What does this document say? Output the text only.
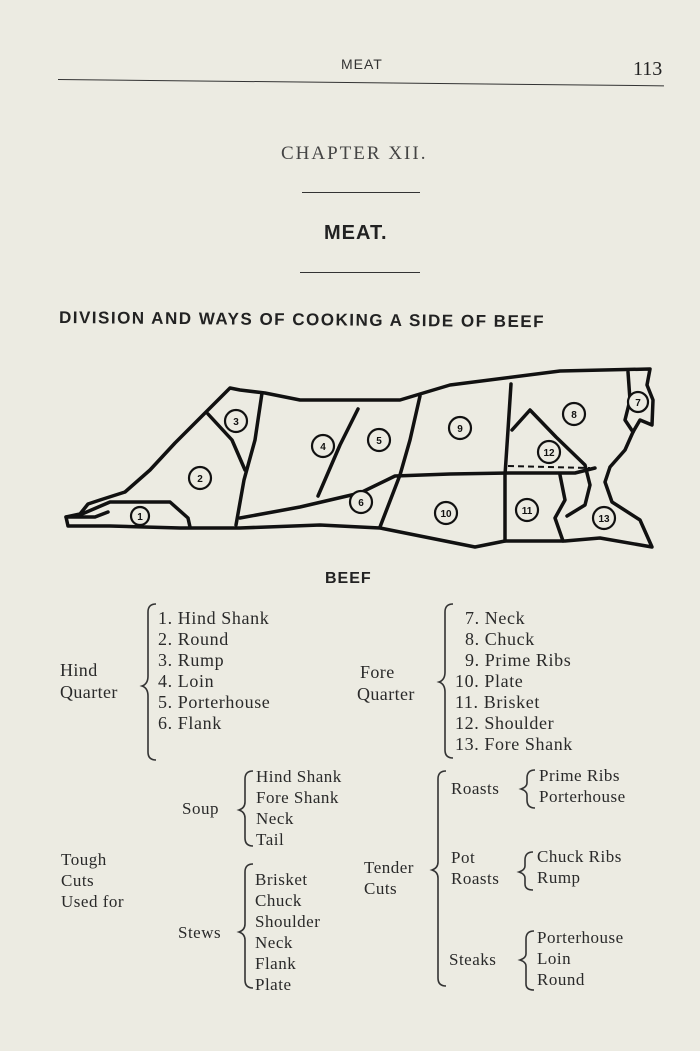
MEAT	113
CHAPTER XII.
MEAT.
DIVISION AND WAYS OF COOKING A SIDE OF BEEF
1
2
3
4
5
6
7
8
9
10	11
12
13
BEEF
Hind
Quarter
1. Hind Shank
2. Round
3. Rump
4. Loin
5. Porterhouse
6. Flank
Fore
Quarter
7. Neck
8. Chuck
9. Prime Ribs
10. Plate
11. Brisket
12. Shoulder
13. Fore Shank
Tough
Cuts
Used for
Soup
Hind Shank
Fore Shank
Neck
Tail
Stews
Brisket
Chuck
Shoulder
Neck
Flank
Plate
Tender
Cuts
Roasts
Prime Ribs
Porterhouse
Pot
Roasts
Chuck Ribs
Rump
Steaks
Porterhouse
Loin
Round
